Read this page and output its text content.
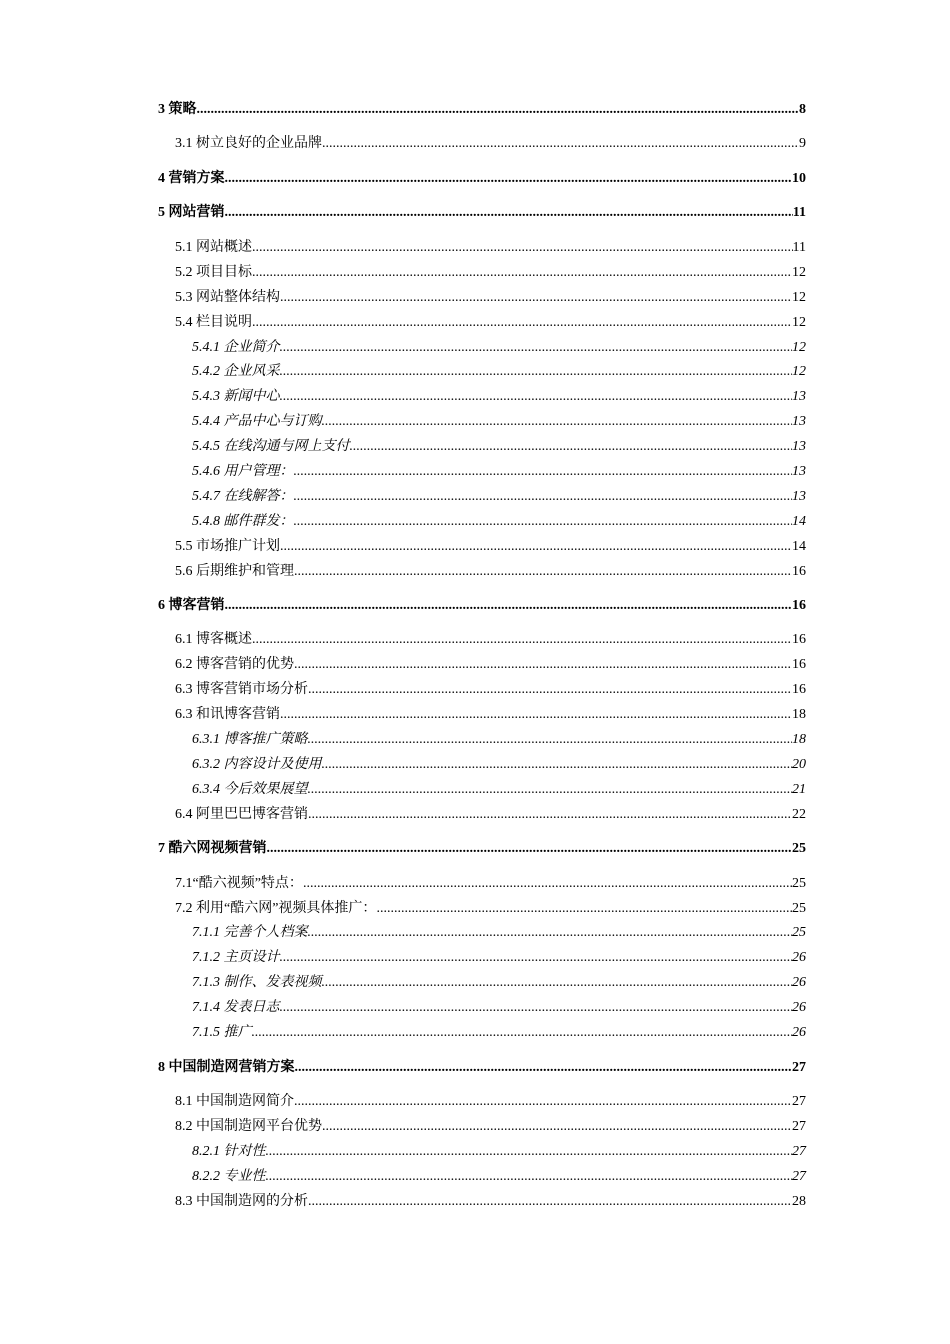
3 策略 .....	8
3.1 树立良好的企业品牌 .....	9
4 营销方案 .....	10
5 网站营销 .....	11
5.1 网站概述 .....	11
5.2 项目目标 .....	12
5.3 网站整体结构 .....	12
5.4 栏目说明 .....	12
5.4.1 企业简介 .....	12
5.4.2 企业风采 .....	12
5.4.3 新闻中心 .....	13
5.4.4 产品中心与订购 .....	13
5.4.5 在线沟通与网上支付 .....	13
5.4.6 用户管理： .....	13
5.4.7 在线解答： .....	13
5.4.8 邮件群发： .....	14
5.5 市场推广计划 .....	14
5.6 后期维护和管理 .....	16
6 博客营销 .....	16
6.1 博客概述 .....	16
6.2 博客营销的优势 .....	16
6.3 博客营销市场分析 .....	16
6.3 和讯博客营销 .....	18
6.3.1 博客推广策略 .....	18
6.3.2 内容设计及使用 .....	20
6.3.4 今后效果展望 .....	21
6.4 阿里巴巴博客营销 .....	22
7 酷六网视频营销 .....	25
7.1“酷六视频”特点： .....	25
7.2 利用“酷六网”视频具体推广： .....	25
7.1.1 完善个人档案 .....	25
7.1.2 主页设计 .....	26
7.1.3 制作、发表视频 .....	26
7.1.4 发表日志 .....	26
7.1.5 推广 .....	26
8 中国制造网营销方案 .....	27
8.1 中国制造网简介 .....	27
8.2 中国制造网平台优势 .....	27
8.2.1 针对性 .....	27
8.2.2 专业性 .....	27
8.3 中国制造网的分析 .....	28
